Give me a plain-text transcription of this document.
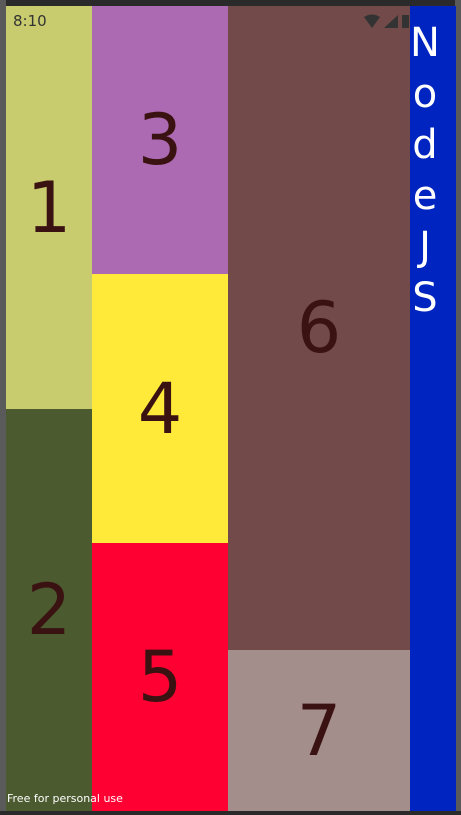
1
2
3
4
5
6
7
N
o
d
e
J
S
8:10
Free for personal use
